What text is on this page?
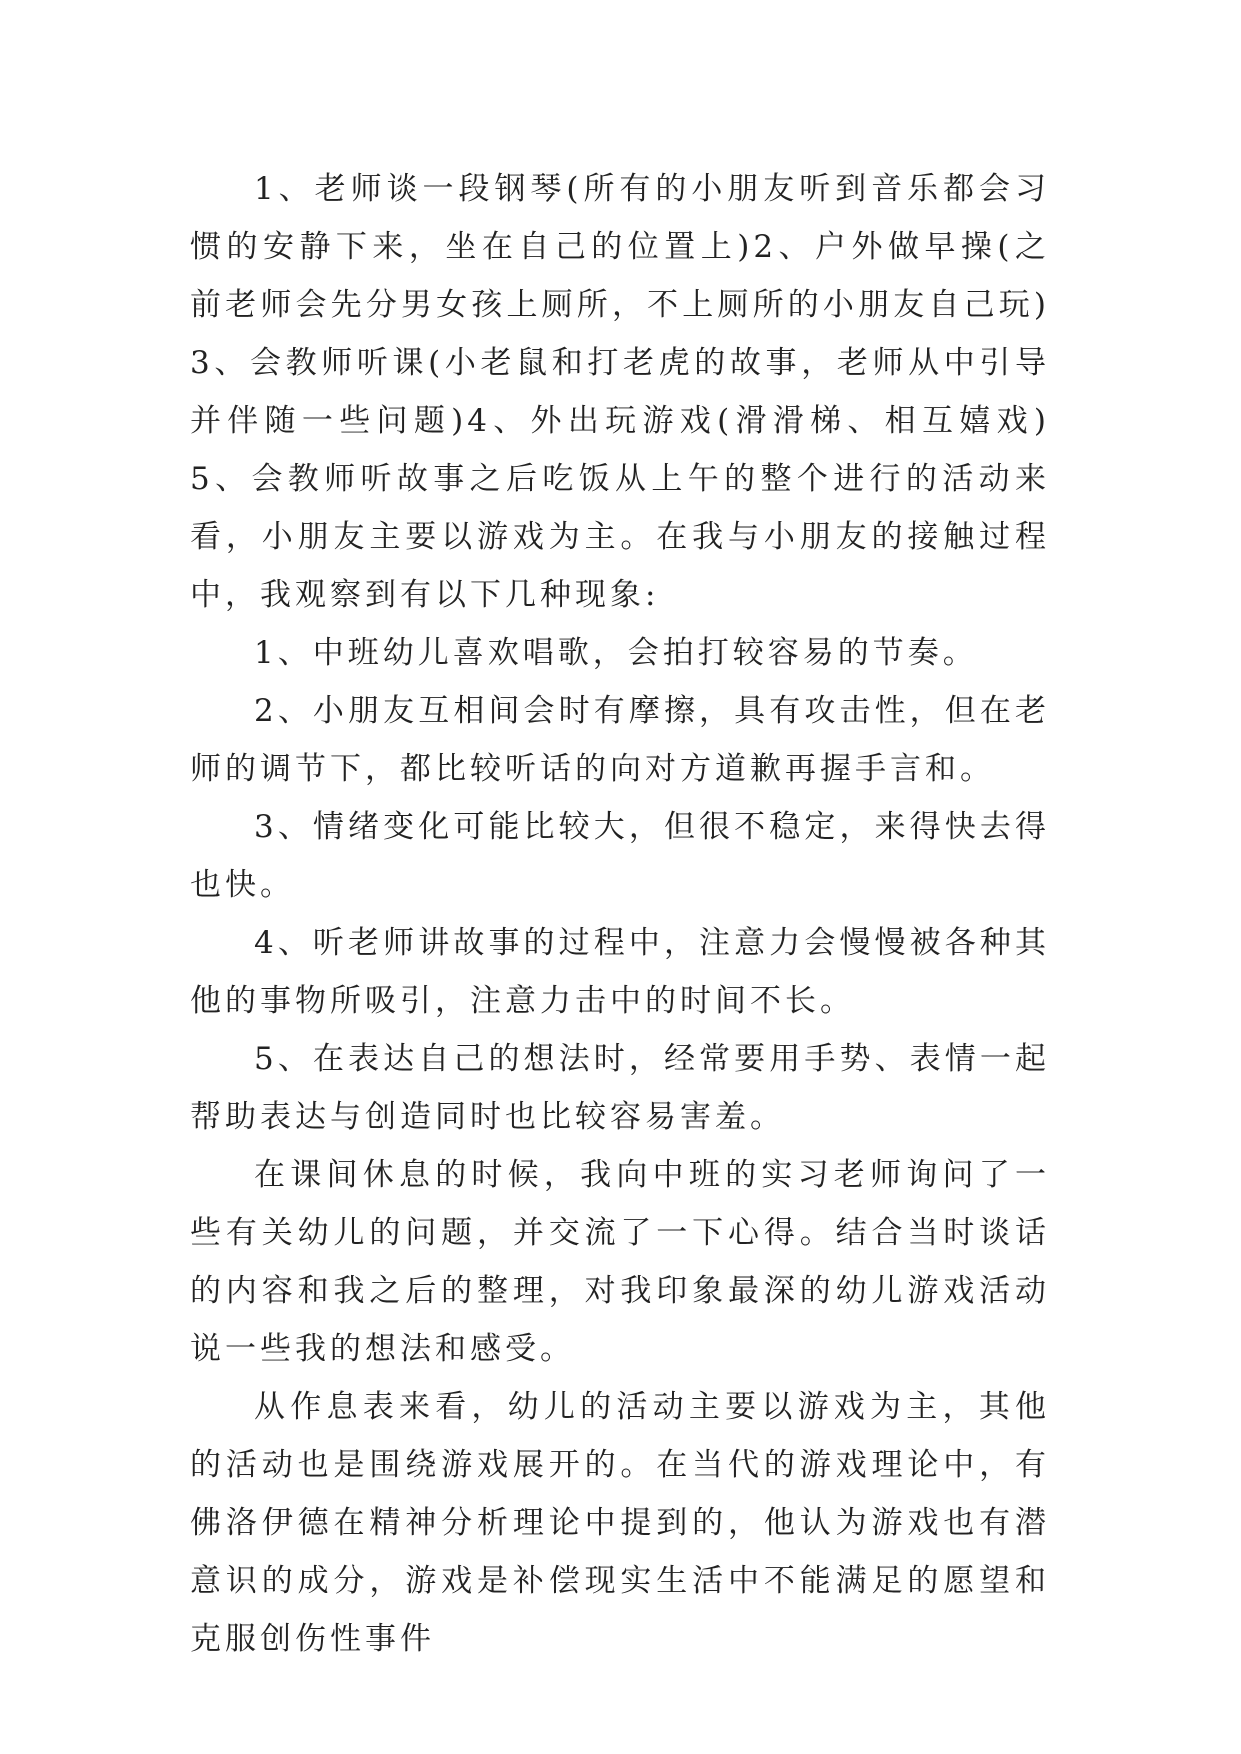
1、老师谈一段钢琴(所有的小朋友听到音乐都会习惯的安静下来，坐在自己的位置上)2、户外做早操(之前老师会先分男女孩上厕所，不上厕所的小朋友自己玩)3、会教师听课(小老鼠和打老虎的故事，老师从中引导并伴随一些问题)4、外出玩游戏(滑滑梯、相互嬉戏)5、会教师听故事之后吃饭从上午的整个进行的活动来看，小朋友主要以游戏为主。在我与小朋友的接触过程中，我观察到有以下几种现象:

1、中班幼儿喜欢唱歌，会拍打较容易的节奏。

2、小朋友互相间会时有摩擦，具有攻击性，但在老师的调节下，都比较听话的向对方道歉再握手言和。

3、情绪变化可能比较大，但很不稳定，来得快去得也快。

4、听老师讲故事的过程中，注意力会慢慢被各种其他的事物所吸引，注意力击中的时间不长。

5、在表达自己的想法时，经常要用手势、表情一起帮助表达与创造同时也比较容易害羞。

在课间休息的时候，我向中班的实习老师询问了一些有关幼儿的问题，并交流了一下心得。结合当时谈话的内容和我之后的整理，对我印象最深的幼儿游戏活动说一些我的想法和感受。

从作息表来看，幼儿的活动主要以游戏为主，其他的活动也是围绕游戏展开的。在当代的游戏理论中，有佛洛伊德在精神分析理论中提到的，他认为游戏也有潜意识的成分，游戏是补偿现实生活中不能满足的愿望和克服创伤性事件
